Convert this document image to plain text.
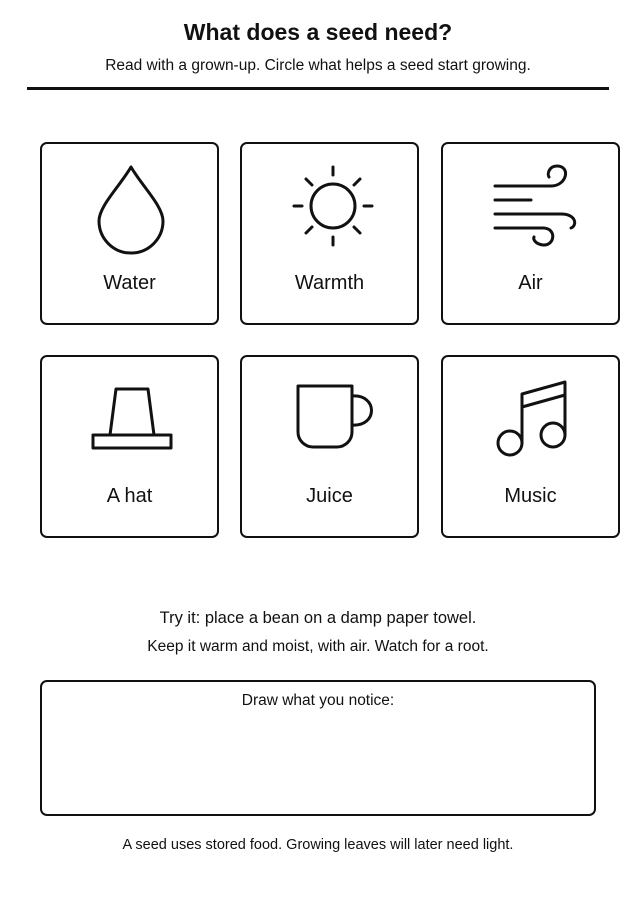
What does a seed need?
Read with a grown-up. Circle what helps a seed start growing.
Water	Warmth	Air
A hat	Juice	Music
Try it: place a bean on a damp paper towel.
Keep it warm and moist, with air. Watch for a root.
Draw what you notice:
A seed uses stored food. Growing leaves will later need light.
